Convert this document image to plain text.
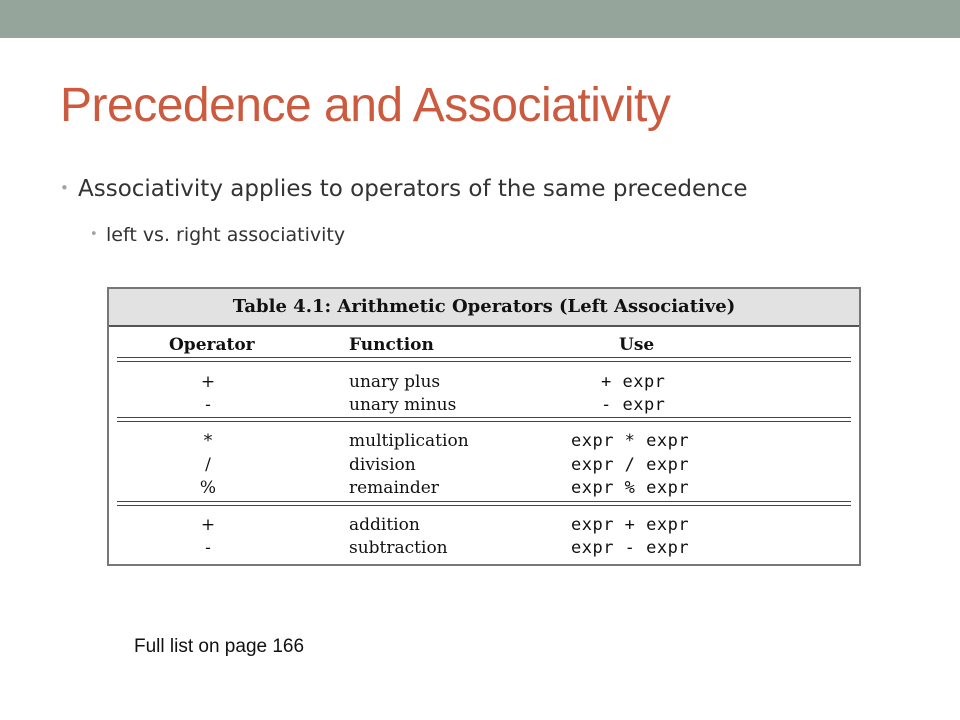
Precedence and Associativity
• Associativity applies to operators of the same precedence
• left vs. right associativity
Table 4.1: Arithmetic Operators (Left Associative)
Operator	Function	Use
+	unary plus	+ expr
-	unary minus	- expr
*	multiplication	expr * expr
/	division	expr / expr
%	remainder	expr % expr
+	addition	expr + expr
-	subtraction	expr - expr
Full list on page 166
